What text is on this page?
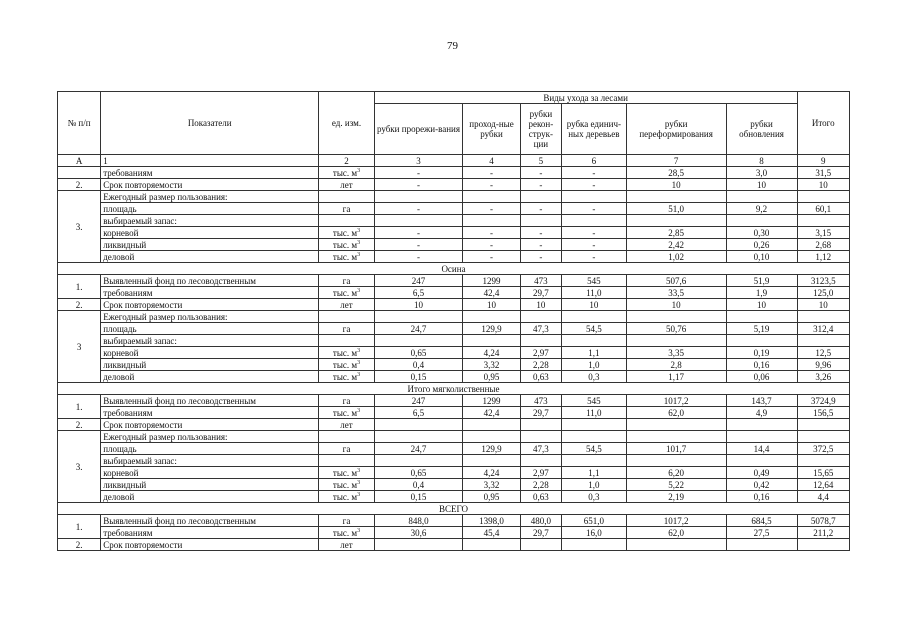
79
№ п/п	Показатели	ед. изм.	Виды ухода за лесами						Итого
			рубки прорежи-вания	проход-ные рубки	рубки рекон-струк-ции	рубка единич-ных деревьев	рубки переформирования	рубки обновления	
А	1	2	3	4	5	6	7	8	9
	требованиям	тыс. $м^3$	-	-	-	-	28,5	3,0	31,5
2.	Срок повторяемости	лет	-	-	-	-	10	10	10
3.	Ежегодный размер пользования:								
	площадь	га	-	-	-	-	51,0	9,2	60,1
	выбираемый запас:								
	корневой	тыс. $м^3$	-	-	-	-	2,85	0,30	3,15
	ликвидный	тыс. $м^3$	-	-	-	-	2,42	0,26	2,68
	деловой	тыс. $м^3$	-	-	-	-	1,02	0,10	1,12
Осина									
1.	Выявленный фонд по лесоводственным	га	247	1299	473	545	507,6	51,9	3123,5
	требованиям	тыс. $м^3$	6,5	42,4	29,7	11,0	33,5	1,9	125,0
2.	Срок повторяемости	лет	10	10	10	10	10	10	10
3	Ежегодный размер пользования:								
	площадь	га	24,7	129,9	47,3	54,5	50,76	5,19	312,4
	выбираемый запас:								
	корневой	тыс. $м^3$	0,65	4,24	2,97	1,1	3,35	0,19	12,5
	ликвидный	тыс. $м^3$	0,4	3,32	2,28	1,0	2,8	0,16	9,96
	деловой	тыс. $м^3$	0,15	0,95	0,63	0,3	1,17	0,06	3,26
Итого мягколиственные									
1.	Выявленный фонд по лесоводственным	га	247	1299	473	545	1017,2	143,7	3724,9
	требованиям	тыс. $м^3$	6,5	42,4	29,7	11,0	62,0	4,9	156,5
2.	Срок повторяемости	лет							
3.	Ежегодный размер пользования:								
	площадь	га	24,7	129,9	47,3	54,5	101,7	14,4	372,5
	выбираемый запас:								
	корневой	тыс. $м^3$	0,65	4,24	2,97	1,1	6,20	0,49	15,65
	ликвидный	тыс. $м^3$	0,4	3,32	2,28	1,0	5,22	0,42	12,64
	деловой	тыс. $м^3$	0,15	0,95	0,63	0,3	2,19	0,16	4,4
ВСЕГО									
1.	Выявленный фонд по лесоводственным	га	848,0	1398,0	480,0	651,0	1017,2	684,5	5078,7
	требованиям	тыс. $м^3$	30,6	45,4	29,7	16,0	62,0	27,5	211,2
2.	Срок повторяемости	лет							
